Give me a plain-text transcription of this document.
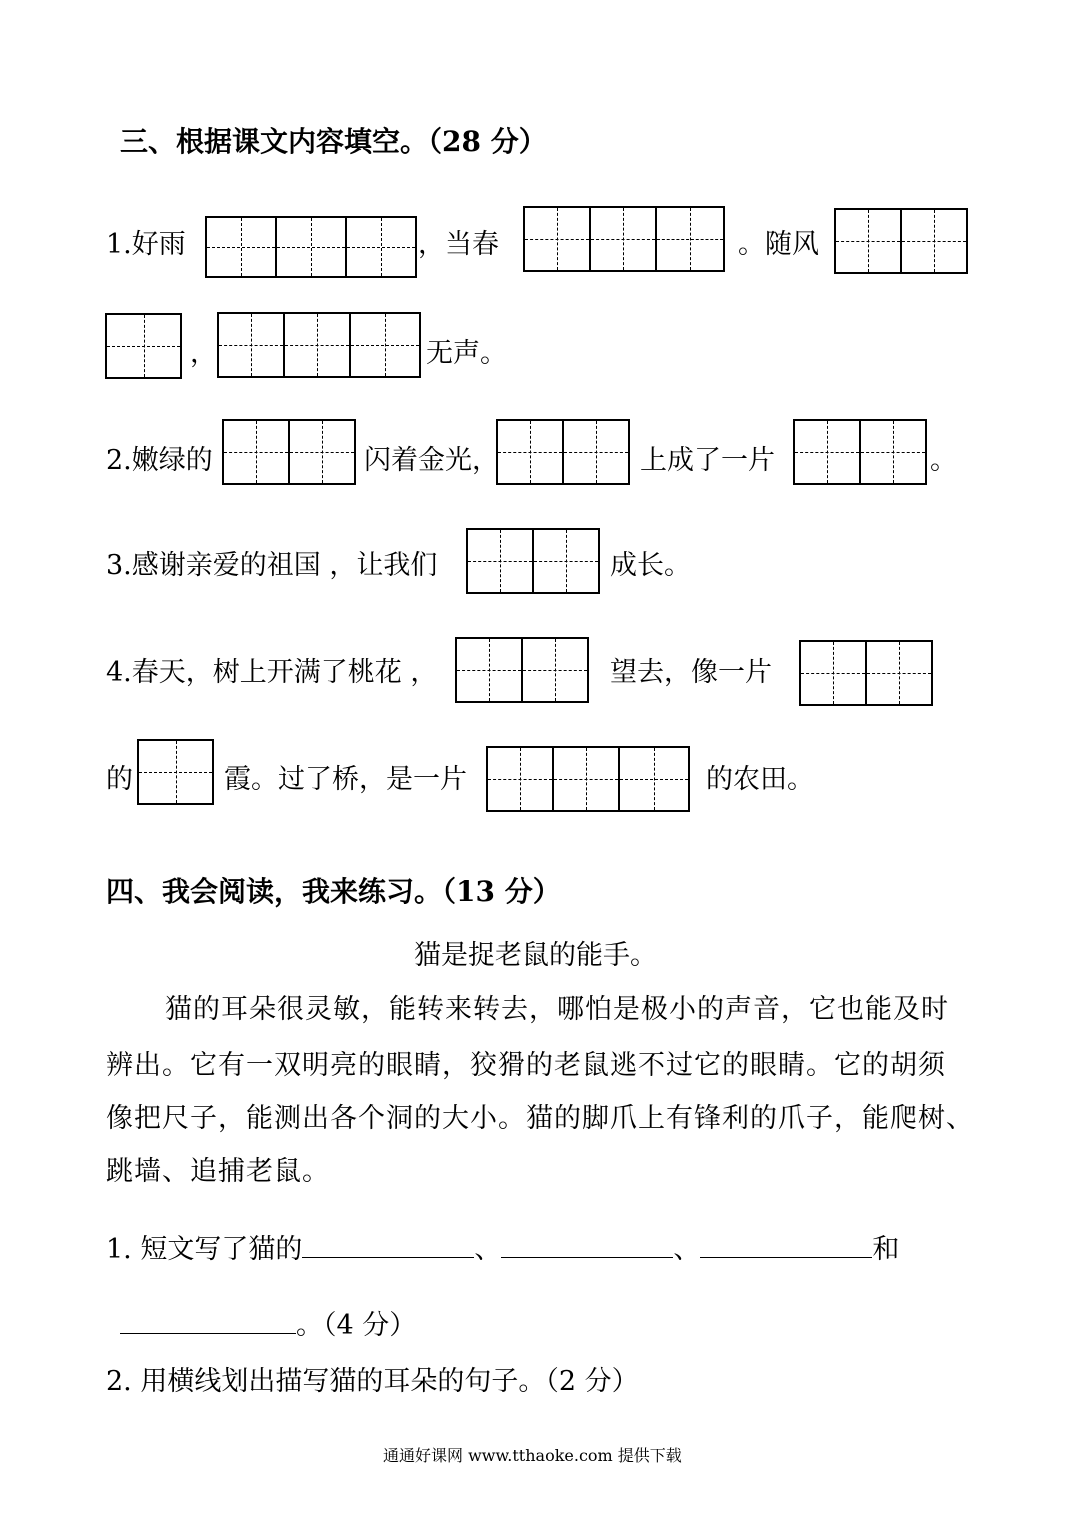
三、根据课文内容填空。（28 分）
1.好雨	，当春	。随风
，	无声。
2.嫩绿的	闪着金光，	上成了一片	。
3.感谢亲爱的祖国 ，让我们	成长。
4.春天，树上开满了桃花 ，	望去，像一片
的	霞。过了桥，是一片	的农田。
四、我会阅读，我来练习。（13 分）
猫是捉老鼠的能手。
猫的耳朵很灵敏，能转来转去，哪怕是极小的声音，它也能及时
辨出。它有一双明亮的眼睛，狡猾的老鼠逃不过它的眼睛。它的胡须
像把尺子，能测出各个洞的大小。猫的脚爪上有锋利的爪子，能爬树、
跳墙、追捕老鼠。
1. 短文写了猫的	、	、	和
。（4 分）
2. 用横线划出描写猫的耳朵的句子。（2 分）
通通好课网 www.tthaoke.com 提供下载
